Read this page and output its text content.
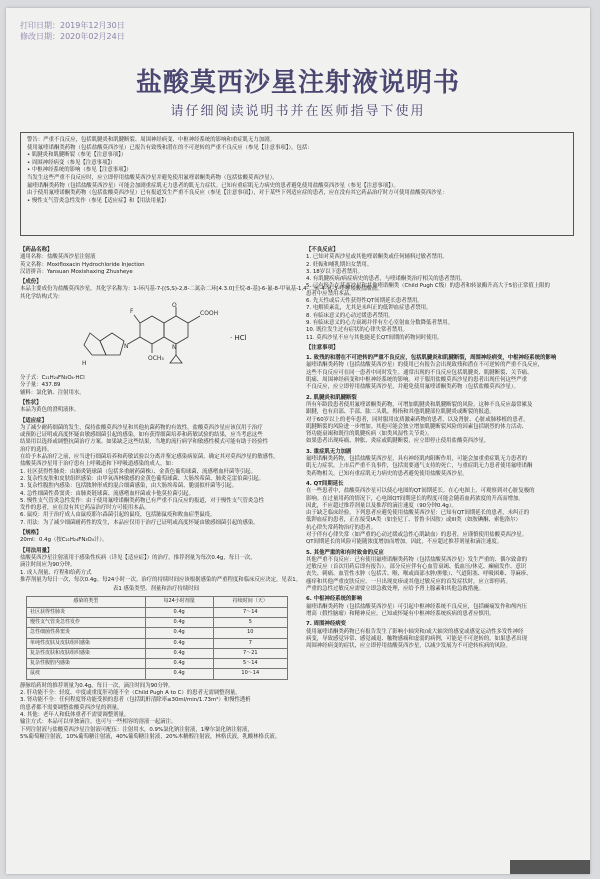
打印日期：2019年12月30日
修改日期：2020年02月24日
盐酸莫西沙星注射液说明书
请仔细阅读说明书并在医师指导下使用
警告：严重不良反应，包括肌腱炎和肌腱断裂、周围神经病变、中枢神经系统的影响和重症肌无力加剧。
使用氟喹诺酮类药物（包括盐酸莫西沙星）已报告有致残和潜在的不可逆转的严重不良反应（参见【注意事项】），包括：
• 肌腱炎和肌腱断裂（参见【注意事项】）
• 周围神经病变（参见【注意事项】）
• 中枢神经系统的影响（参见【注意事项】）
当发生这些严重不良反应时，应立即停用盐酸莫西沙星并避免使用氟喹诺酮类药物（包括盐酸莫西沙星）。
氟喹诺酮类药物（包括盐酸莫西沙星）可能会加剧重症肌无力患者的肌无力症状。已知有重症肌无力病史的患者避免使用盐酸莫西沙星（参见【注意事项】）。
由于使用氟喹诺酮类药物（包括盐酸莫西沙星）已有报道发生严重不良反应（参见【注意事项】），对于某些下列适应症的患者，应在没有其它药品治疗时方可使用盐酸莫西沙星：
• 慢性支气管炎急性发作（参见【适应症】和【用法用量】）
【药品名称】
通用名称：盐酸莫西沙星注射液
英文名称：Moxifloxacin Hydrochloride Injection
汉语拼音：Yansuan Moxishaxing Zhusheye
【成份】
本品主要成份为盐酸莫西沙星，其化学名称为：1-环丙基-7-[(S,S)-2,8-二氮杂二环[4.3.0]壬烷-8-基]-6-氟-8-甲氧基-1,4-二氢-4-氧-3-喹啉羧酸盐酸盐。
其化学结构式为：
F
O
COOH
N	N
OCH₃
H
· HCl
分子式：C₂₁H₂₄FN₃O₄·HCl
分子量：437.89
辅料：氯化钠、注射用水。
【性状】
本品为黄色的澄明液体。
【适应症】
为了减少耐药细菌的发生，保持盐酸莫西沙星和其他抗菌药物的有效性，盐酸莫西沙星应该仅用于治疗
或预防已证明或高度怀疑由敏感细菌引起的感染。如有获得细菌培养和药敏试验的结果，应当考虑这些
结果用以选择或调整抗菌治疗方案。如果缺乏这些结果，当地的流行病学和敏感性模式可能有助于经验性
治疗的选择。
在给予本品治疗之前，应当进行细菌培养和药敏试验以分离并鉴定感染病原菌，确定其对莫西沙星的敏感性。
盐酸莫西沙星用于治疗患有上呼吸道和下呼吸道感染的成人，如：
1. 社区获得性肺炎：由肺炎链球菌（包括多重耐药菌株）、金黄色葡萄球菌、流感嗜血杆菌等引起。
2. 复杂性皮肤和皮肤组织感染：由甲氧西林敏感的金黄色葡萄球菌、大肠埃希菌、肺炎克雷伯菌引起。
3. 复杂性腹腔内感染：包括脓肿形成的混合细菌感染，由大肠埃希菌、脆弱拟杆菌等引起。
4. 急性细菌性鼻窦炎：由肺炎链球菌、流感嗜血杆菌或卡他莫拉菌引起。
5. 慢性支气管炎急性发作：由于使用氟喹诺酮类药物已有严重不良反应的报道，对于慢性支气管炎急性
发作的患者，应在没有其它药品治疗时方可使用本品。
6. 鼠疫：用于治疗成人由鼠疫耶尔森菌引起的鼠疫，包括肺鼠疫和败血症型鼠疫。
7. 用法：为了减少细菌耐药性的发生，本品应仅用于治疗已证明或高度怀疑由敏感细菌引起的感染。
【规格】
20ml：0.4g（按C₂₁H₂₄FN₃O₄计）。
【用法用量】
盐酸莫西沙星注射液用于感染性疾病（详见【适应症】）的治疗。推荐剂量为每次0.4g，每日一次，
滴注时间应为90分钟。
1. 成人剂量、疗程和给药方式
推荐剂量为每日一次，每次0.4g。每24小时一次。治疗的持续时间应该根据感染的严重程度和临床反应决定，见表1。
表1 感染类型、剂量和治疗持续时间
感染的类型	每24小时剂量	持续时间（天）
社区获得性肺炎	0.4g	7～14
慢性支气管炎急性发作	0.4g	5
急性细菌性鼻窦炎	0.4g	10
单纯性皮肤及皮肤组织感染	0.4g	7
复杂性皮肤和皮肤组织感染	0.4g	7～21
复杂性腹腔内感染	0.4g	5～14
鼠疫	0.4g	10～14
静脉给药时的推荐剂量为0.4g，每日一次，滴注时间为90分钟。
2. 肝功能不全：轻度、中度或重度肝功能不全（Child Pugh A to C）的患者无需调整剂量。
3. 肾功能不全：任何程度肾功能受损的患者（包括肌酐清除率≤30ml/min/1.73m²）和慢性透析
的患者都不需要调整盐酸莫西沙星的剂量。
4. 其他：老年人和低体重者不需要调整剂量。
输注方式：本品可以单独滴注，也可与一些相容的溶液一起滴注。
下列注射液与盐酸莫西沙星注射液可配伍：注射用水，0.9%氯化钠注射液，1摩尔氯化钠注射液，
5%葡萄糖注射液，10%葡萄糖注射液，40%葡萄糖注射液，20%木糖醇注射液，林格氏液，乳酸林格氏液。
【不良反应】
1. 已知对莫西沙星或其他喹诺酮类或任何辅料过敏者禁用。
2. 妊娠和哺乳期妇女禁用。
3. 18岁以下患者禁用。
4. 有肌腱疾病/病症病史的患者，与喹诺酮类治疗相关的患者禁用。
5. 已有报告在莫西沙星和其他喹诺酮类（Child Pugh C级）的患者和转氨酶升高大于5倍正常值上限的
患者中应禁用本品。
6. 先天性或后天性获得性QT间期延长患者禁用。
7. 电解质紊乱，尤其是未纠正的低钾血症患者禁用。
8. 有临床意义的心动过缓患者禁用。
9. 有临床意义的心力衰竭并伴有左心室射血分数降低者禁用。
10. 既往发生过有症状的心律失常者禁用。
11. 莫西沙星不应与其他能延长QT间期的药物同时使用。
【注意事项】
1. 致残的和潜在不可逆转的严重不良反应，包括肌腱炎和肌腱断裂，周围神经病变，中枢神经系统的影响
氟喹诺酮类药物（包括盐酸莫西沙星）的使用已有报告会出现致残和潜在不可逆转的严重不良反应，
这些不良反应可在同一患者中同时发生。通常出现的不良反应包括肌腱炎、肌腱断裂、关节痛、
肌痛、周围神经病变和中枢神经系统的影响。对于服用盐酸莫西沙星的患者出现任何这些严重
不良反应，应立即停用盐酸莫西沙星，并避免使用氟喹诺酮类药物（包括盐酸莫西沙星）。
2. 肌腱炎和肌腱断裂
所有年龄段患者使用氟喹诺酮类药物，可增加肌腱炎和肌腱断裂的风险。这种不良反应最常累及
跟腱，也有肩部、手部、肱二头肌、拇指和其他肌腱部位肌腱炎或断裂的报道。
对于60岁以上的老年患者，同时服用皮质激素药物的患者，以及肾脏、心脏或肺移植的患者，
肌腱断裂的风险进一步增加。其他可能会独立增加肌腱断裂风险的因素包括剧烈的体力活动、
肾功能衰竭和既往的肌腱疾病（如类风湿性关节炎）。
如果患者出现疼痛、肿胀、炎症或肌腱断裂，应立即停止使用盐酸莫西沙星。
3. 重症肌无力加剧
氟喹诺酮类药物，包括盐酸莫西沙星，具有神经肌肉阻断作用，可能会加重重症肌无力患者的
肌无力症状。上市后严重不良事件，包括需要通气支持的死亡，与重症肌无力患者使用氟喹诺酮
类药物相关。已知有重症肌无力病史的患者避免使用盐酸莫西沙星。
4. QT间期延长
在一些患者中，盐酸莫西沙星可以使心电图的QT间期延长。在心电图上，可观察到对心脏复极的
影响。在过量用药的情况下，心电图QT间期延长的程度可能会随着血药浓度的升高而增加。
因此，不应超过推荐剂量以及推荐的滴注速度（90分钟0.4g）。
由于缺乏临床经验，下列患者应避免使用盐酸莫西沙星：已知有QT间期延长的患者，未纠正的
低钾血症的患者，正在接受IA类（如奎尼丁、普鲁卡因胺）或III类（如胺碘酮、索他洛尔）
抗心律失常药物治疗的患者。
对于伴有心律失常（如严重的心动过缓或急性心肌缺血）的患者，应谨慎使用盐酸莫西沙星。
QT间期延长的风险可能随浓度增加而增加，因此，不应超过推荐剂量和滴注速度。
5. 其他严重的和有时致命的反应
其他严重不良反应：已有使用氟喹诺酮类药物（包括盐酸莫西沙星）发生严重的、偶尔致命的
过敏反应（首次用药后即有报告）。部分反应伴有心血管衰竭、低血压/休克、癫痫发作、意识
丧失、刺痛、血管性水肿（包括舌、喉、喉或面部水肿/肿胀）、气道阻塞、呼吸困难、荨麻疹、
瘙痒和其他严重皮肤反应。一旦出现皮疹或其他过敏反应的首发症状时，应立即停药。
严重的急性过敏反应需要立即急救处理，应给予肾上腺素和其他急救措施。
6. 中枢神经系统的影响
氟喹诺酮类药物（包括盐酸莫西沙星）可引起中枢神经系统不良反应，包括癫痫发作和颅内压
增高（假性脑瘤）和精神反应。已知或怀疑有中枢神经系统疾病的患者应慎用。
7. 周围神经病变
使用氟喹诺酮类药物已有报告发生了影响小轴突和/或大轴突的感觉或感觉运动性多发性神经
病变，导致感觉异常、感觉减退、触物感痛和虚弱的病例，可能是不可逆转的。如果患者出现
周围神经病变的症状，应立即停用盐酸莫西沙星，以减少发展为不可逆转疾病的风险。
